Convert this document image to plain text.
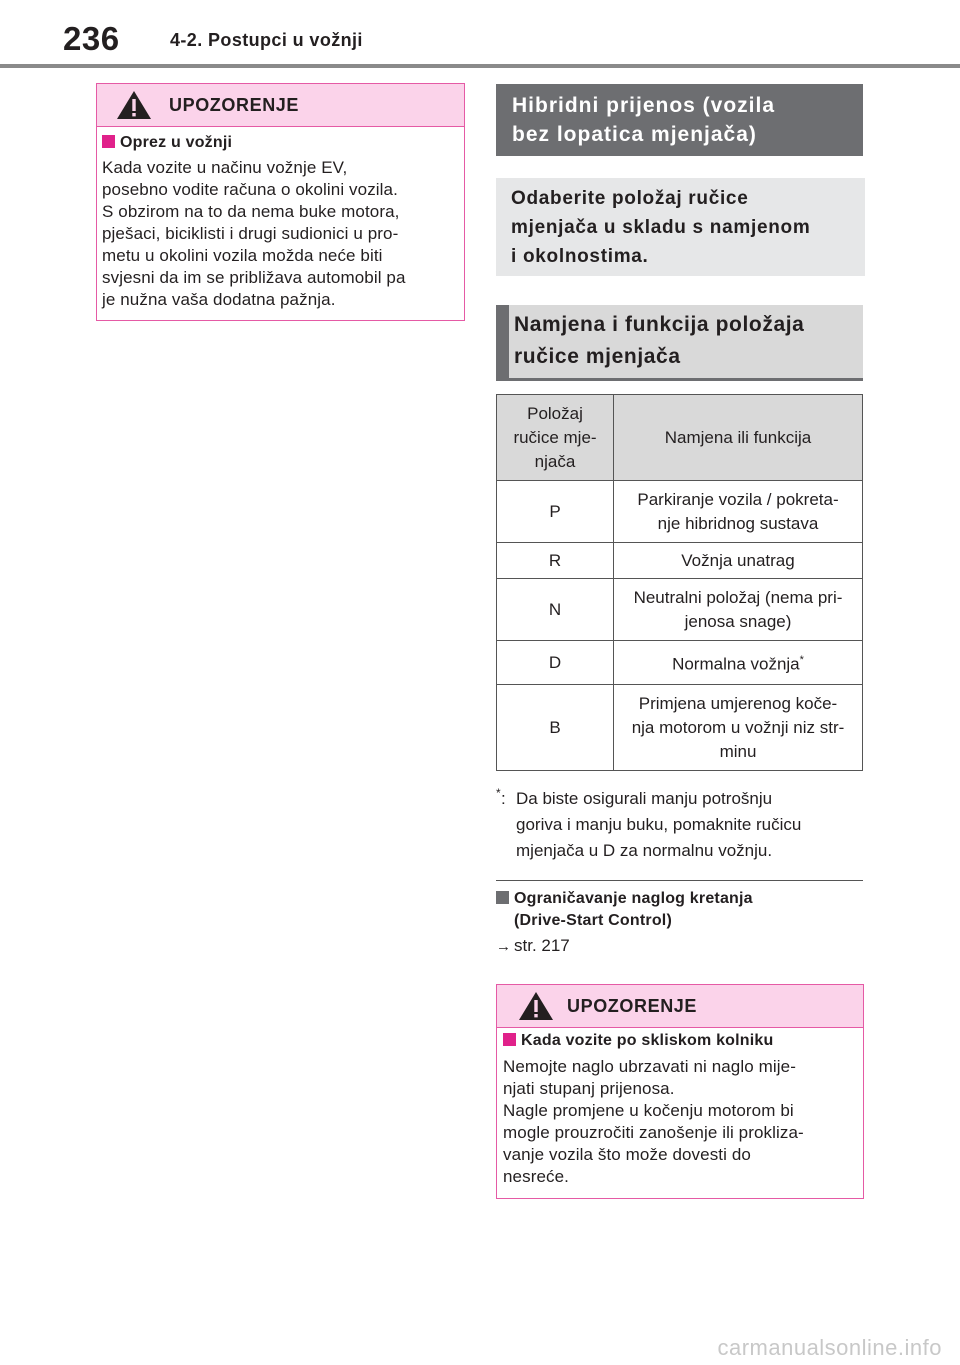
236	4-2. Postupci u vožnji
UPOZORENJE
Oprez u vožnji
Kada vozite u načinu vožnje EV,
posebno vodite računa o okolini vozila.
S obzirom na to da nema buke motora,
pješaci, biciklisti i drugi sudionici u pro-
metu u okolini vozila možda neće biti
svjesni da im se približava automobil pa
je nužna vaša dodatna pažnja.
Hibridni prijenos (vozila
bez lopatica mjenjača)
Odaberite položaj ručice
mjenjača u skladu s namjenom
i okolnostima.
Namjena i funkcija položaja
ručice mjenjača
Položaj
ručice mje-
njača	Namjena ili funkcija
P	Parkiranje vozila / pokreta-
nje hibridnog sustava

R	Vožnja unatrag
N	Neutralni položaj (nema pri-
jenosa snage)

D	Normalna vožnja*
B	Primjena umjerenog koče-
nja motorom u vožnji niz str-
minu
* : Da biste osigurali manju potrošnju
goriva i manju buku, pomaknite ručicu
mjenjača u D za normalnu vožnju.
Ograničavanje naglog kretanja
(Drive-Start Control)
→ str. 217
UPOZORENJE
Kada vozite po skliskom kolniku
Nemojte naglo ubrzavati ni naglo mije-
njati stupanj prijenosa.
Nagle promjene u kočenju motorom bi
mogle prouzročiti zanošenje ili prokliza-
vanje vozila što može dovesti do
nesreće.
carmanualsonline.info
